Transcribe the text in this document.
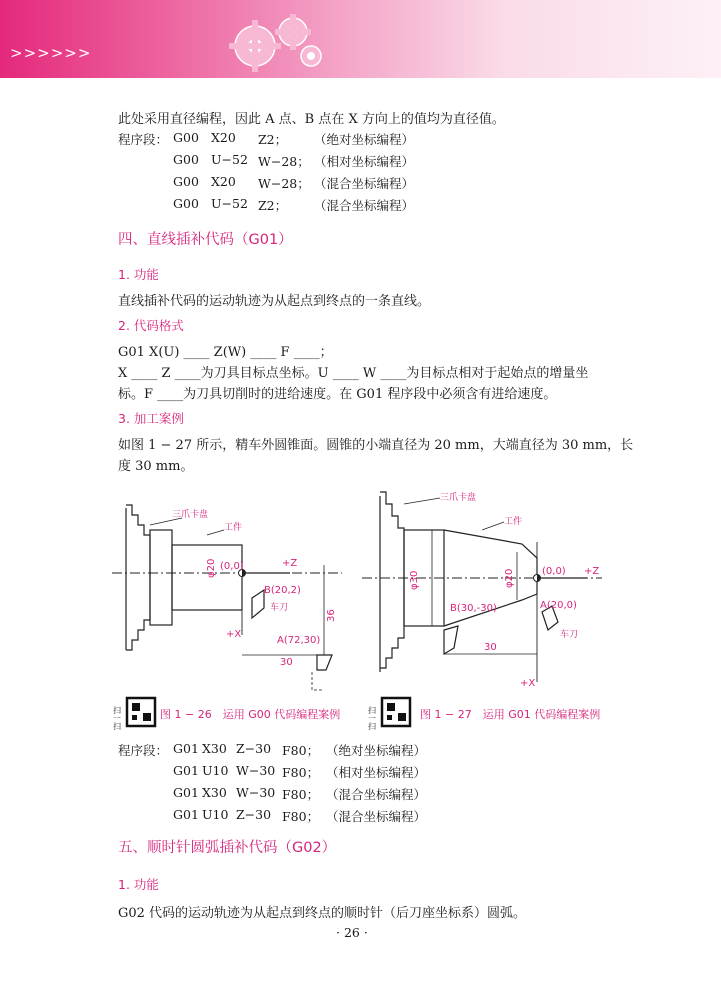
>>>>>>
此处采用直径编程，因此 A 点、B 点在 X 方向上的值均为直径值。
程序段： G00 X20 Z2； （绝对坐标编程）
G00 U−52 W−28； （相对坐标编程）
G00 X20 W−28； （混合坐标编程）
G00 U−52 Z2； （混合坐标编程）
四、直线插补代码（G01）
1. 功能
直线插补代码的运动轨迹为从起点到终点的一条直线。
2. 代码格式
G01 X(U) ____ Z(W) ____ F ____；
X ____ Z ____为刀具目标点坐标。U ____ W ____为目标点相对于起始点的增量坐
标。F ____为刀具切削时的进给速度。在 G01 程序段中必须含有进给速度。
3. 加工案例
如图 1 − 27 所示，精车外圆锥面。圆锥的小端直径为 20 mm，大端直径为 30 mm，长
度 30 mm。
三爪卡盘
工件
φ20 (0,0)	+Z
+X
B(20,2)
车刀
A(72,30)
30
36
三爪卡盘
工件
φ30	φ20	(0,0) +Z
+X
B(30,-30)	A(20,0)
车刀
30
扫一扫	图 1 − 26　运用 G00 代码编程案例	扫一扫	图 1 − 27　运用 G01 代码编程案例
程序段： G01 X30 Z−30 F80； （绝对坐标编程）
G01 U10 W−30 F80； （相对坐标编程）
G01 X30 W−30 F80； （混合坐标编程）
G01 U10 Z−30 F80； （混合坐标编程）
五、顺时针圆弧插补代码（G02）
1. 功能
G02 代码的运动轨迹为从起点到终点的顺时针（后刀座坐标系）圆弧。
· 26 ·
